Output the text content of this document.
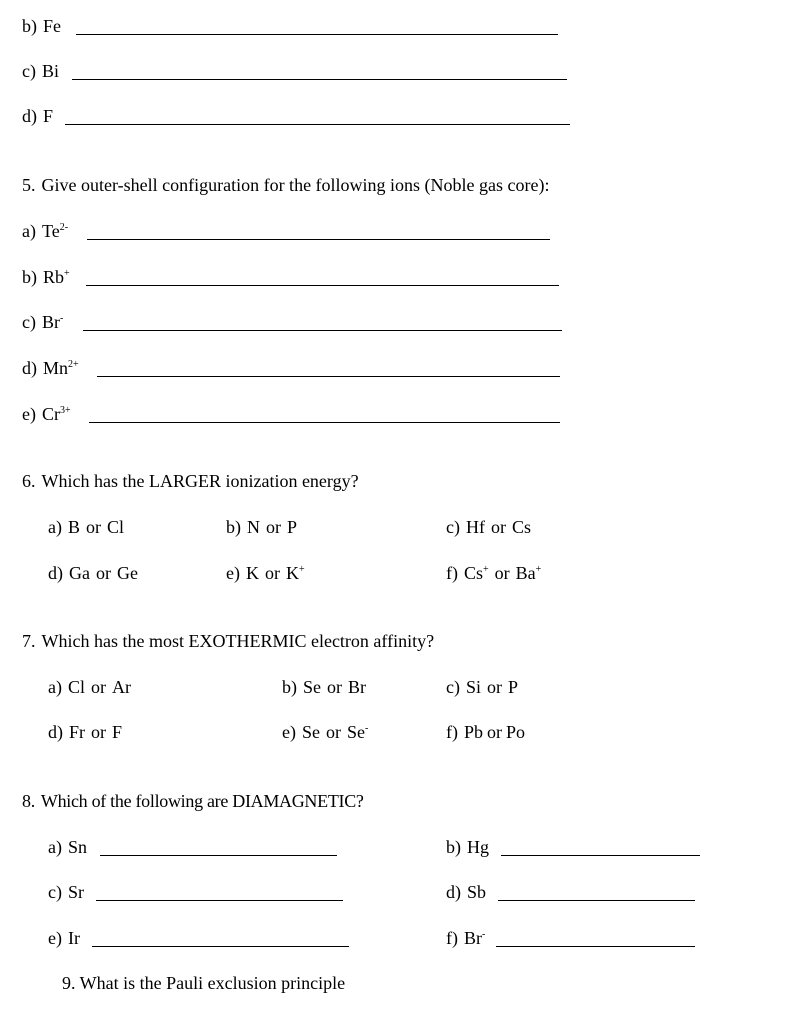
b) Fe
c) Bi
d) F
5. Give outer-shell configuration for the following ions (Noble gas core):
a) $Te^{2-}$
b) Rb+
c) Br-
d) $Mn^{2+}$
e) $Cr^{3+}$
6. Which has the LARGER ionization energy?
a) B or Cl	b) N or P	c) Hf or Cs
d) Ga or Ge	e) K or K+	f) Cs+ or Ba+
7. Which has the most EXOTHERMIC electron affinity?
a) Cl or Ar	b) Se or Br	c) Si or P
d) Fr or F	e) Se or Se-	f) Pb or Po
8. Which of the following are DIAMAGNETIC?
a) Sn	b) Hg
c) Sr	d) Sb
e) Ir	f) Br-
9. What is the Pauli exclusion principle
